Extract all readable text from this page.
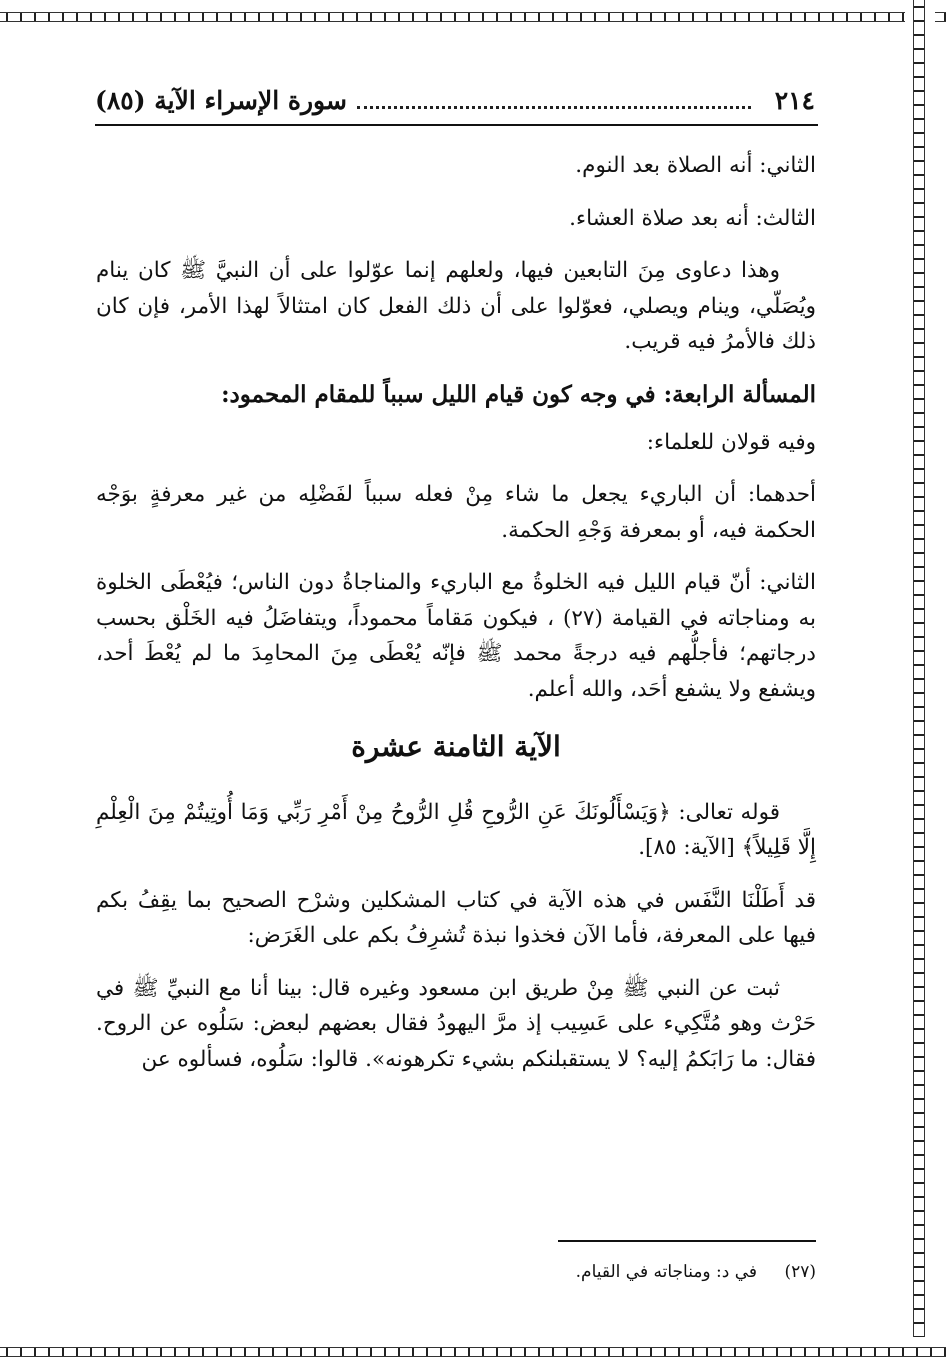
٢١٤
سورة الإسراء الآية (٨٥)

الثاني: أنه الصلاة بعد النوم.

الثالث: أنه بعد صلاة العشاء.

وهذا دعاوى مِنَ التابعين فيها، ولعلهم إنما عوّلوا على أن النبيَّ ﷺ كان ينام ويُصَلّي، وينام ويصلي، فعوّلوا على أن ذلك الفعل كان امتثالاً لهذا الأمر، فإن كان ذلك فالأمرُ فيه قريب.

المسألة الرابعة: في وجه كون قيام الليل سبباً للمقام المحمود:

وفيه قولان للعلماء:

أحدهما: أن الباريء يجعل ما شاء مِنْ فعله سبباً لفَضْلِه من غير معرفةٍ بوَجْه الحكمة فيه، أو بمعرفة وَجْهِ الحكمة.

الثاني: أنّ قيام الليل فيه الخلوةُ مع الباريء والمناجاةُ دون الناس؛ فيُعْطَى الخلوة به ومناجاته في القيامة (٢٧) ، فيكون مَقاماً محموداً، ويتفاضَلُ فيه الخَلْق بحسب درجاتهم؛ فأجلُّهم فيه درجةً محمد ﷺ فإنّه يُعْطَى مِنَ المحامِدَ ما لم يُعْطَ أحد، ويشفع ولا يشفع أحَد، والله أعلم.

الآية الثامنة عشرة

قوله تعالى: ﴿وَيَسْأَلُونَكَ عَنِ الرُّوحِ قُلِ الرُّوحُ مِنْ أَمْرِ رَبِّي وَمَا أُوتِيتُمْ مِنَ الْعِلْمِ إِلَّا قَلِيلاً﴾ [الآية: ٨٥].

قد أَطَلْنَا النَّفَس في هذه الآية في كتاب المشكلين وشرْح الصحيح بما يقِفُ بكم فيها على المعرفة، فأما الآن فخذوا نبذة تُشرِفُ بكم على الغَرَض:

ثبت عن النبي ﷺ مِنْ طريق ابن مسعود وغيره قال: بينا أنا مع النبيِّ ﷺ في حَرْث وهو مُتَّكِيء على عَسِيب إذ مرَّ اليهودُ فقال بعضهم لبعض: سَلُوه عن الروح. فقال: ما رَابَكمُ إليه؟ لا يستقبلنكم بشيء تكرهونه». قالوا: سَلُوه، فسألوه عن

(٢٧) في د: ومناجاته في القيام.
